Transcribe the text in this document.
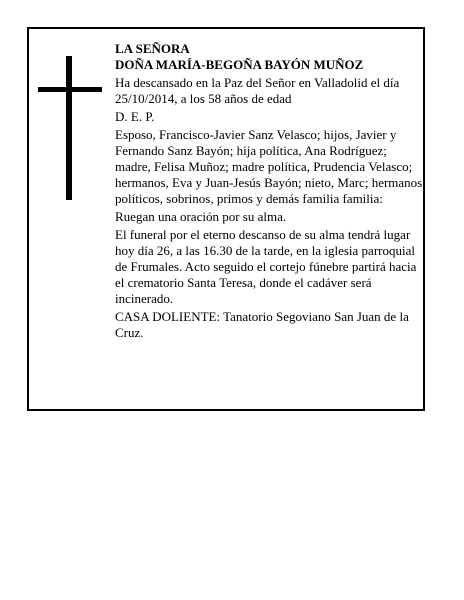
LA SEÑORA

DOÑA MARÍA-BEGOÑA BAYÓN MUÑOZ

Ha descansado en la Paz del Señor en Valladolid el día 25/10/2014, a los 58 años de edad

D. E. P.

Esposo, Francisco-Javier Sanz Velasco; hijos, Javier y Fernando Sanz Bayón; hija política, Ana Rodríguez; madre, Felisa Muñoz; madre política, Prudencia Velasco; hermanos, Eva y Juan-Jesús Bayón; nieto, Marc; hermanos políticos, sobrinos, primos y demás familia familia:

Ruegan una oración por su alma.

El funeral por el eterno descanso de su alma tendrá lugar hoy día 26, a las 16.30 de la tarde, en la iglesia parroquial de Frumales. Acto seguido el cortejo fúnebre partirá hacia el crematorio Santa Teresa, donde el cadáver será incinerado.

CASA DOLIENTE: Tanatorio Segoviano San Juan de la Cruz.
